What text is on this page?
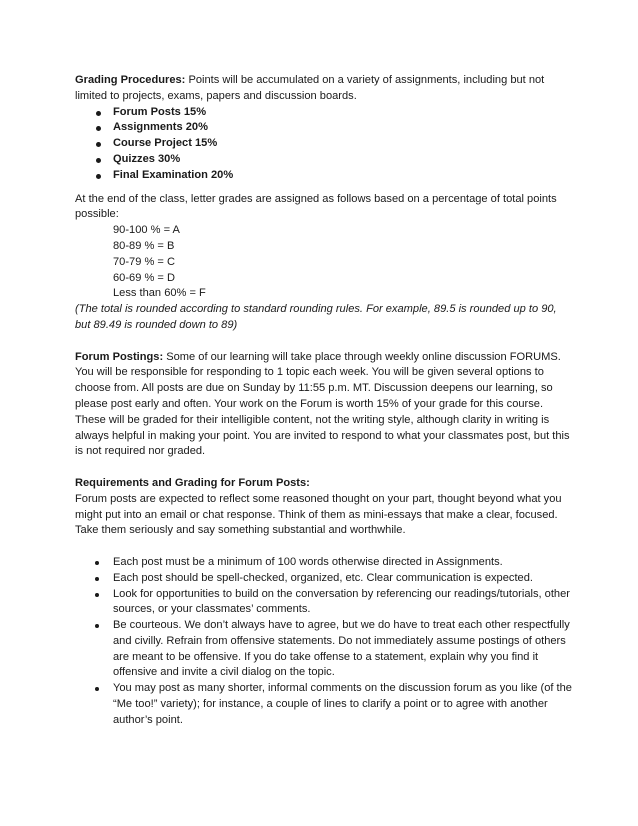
Grading Procedures: Points will be accumulated on a variety of assignments, including but not limited to projects, exams, papers and discussion boards.

Forum Posts 15%
Assignments 20%
Course Project 15%
Quizzes 30%
Final Examination 20%

At the end of the class, letter grades are assigned as follows based on a percentage of total points possible:

90-100 % = A
80-89 % = B
70-79 % = C
60-69 % = D
Less than 60% = F

(The total is rounded according to standard rounding rules. For example, 89.5 is rounded up to 90, but 89.49 is rounded down to 89)

Forum Postings: Some of our learning will take place through weekly online discussion FORUMS. You will be responsible for responding to 1 topic each week. You will be given several options to choose from. All posts are due on Sunday by 11:55 p.m. MT. Discussion deepens our learning, so please post early and often. Your work on the Forum is worth 15% of your grade for this course. These will be graded for their intelligible content, not the writing style, although clarity in writing is always helpful in making your point. You are invited to respond to what your classmates post, but this is not required nor graded.

Requirements and Grading for Forum Posts:

Forum posts are expected to reflect some reasoned thought on your part, thought beyond what you might put into an email or chat response. Think of them as mini-essays that make a clear, focused. Take them seriously and say something substantial and worthwhile.

Each post must be a minimum of 100 words otherwise directed in Assignments.
Each post should be spell-checked, organized, etc. Clear communication is expected.
Look for opportunities to build on the conversation by referencing our readings/tutorials, other sources, or your classmates’ comments.
Be courteous. We don’t always have to agree, but we do have to treat each other respectfully and civilly. Refrain from offensive statements. Do not immediately assume postings of others are meant to be offensive. If you do take offense to a statement, explain why you find it offensive and invite a civil dialog on the topic.
You may post as many shorter, informal comments on the discussion forum as you like (of the “Me too!” variety); for instance, a couple of lines to clarify a point or to agree with another author’s point.
